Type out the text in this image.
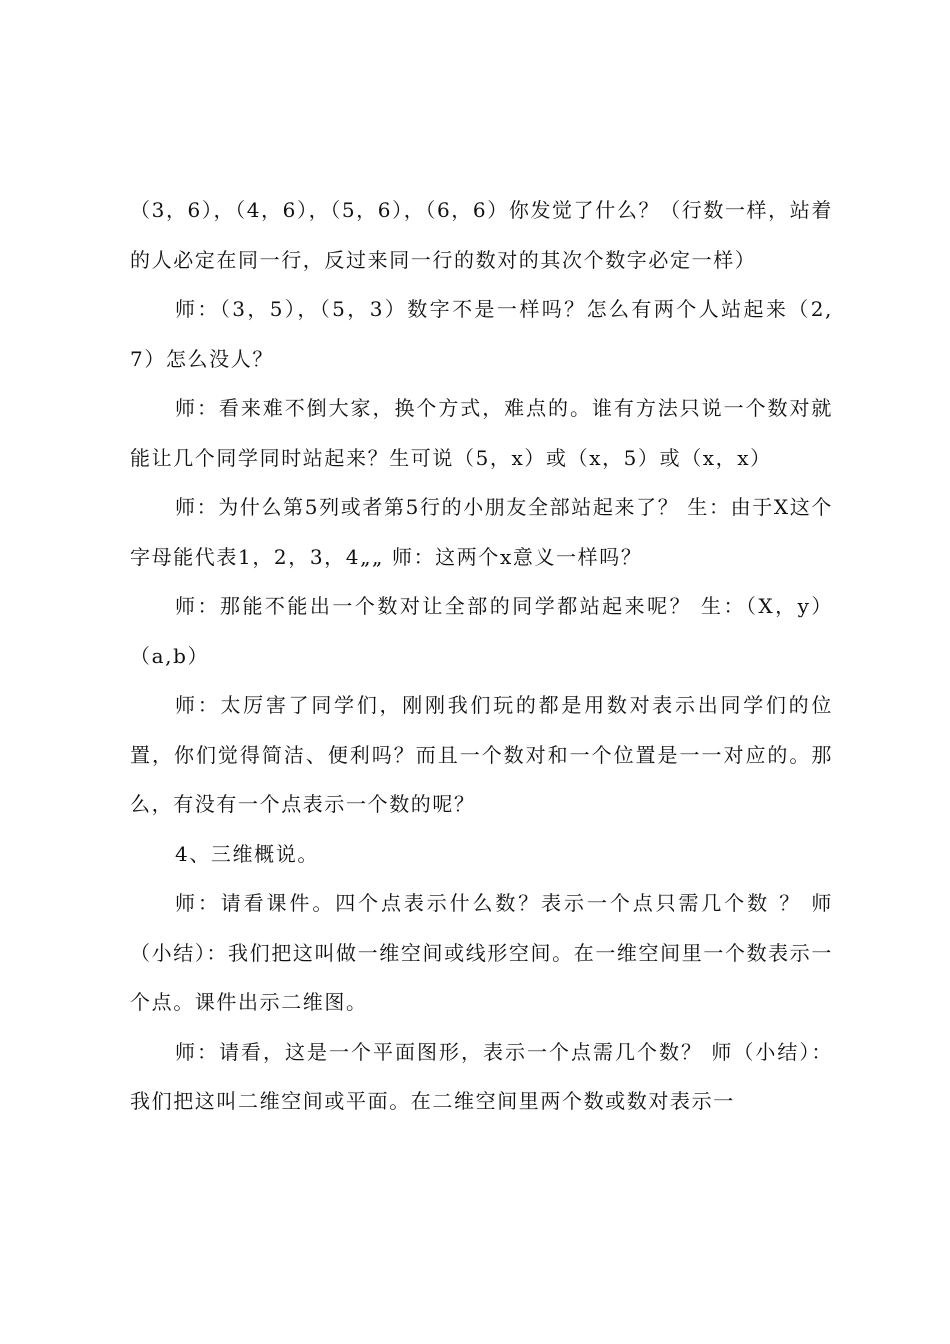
（3，6），（4，6），（5，6），（6，6）你发觉了什么？（行数一样，站着的人必定在同一行，反过来同一行的数对的其次个数字必定一样）

师：（3，5），（5，3）数字不是一样吗？怎么有两个人站起来（2,7）怎么没人？

师：看来难不倒大家，换个方式，难点的。谁有方法只说一个数对就能让几个同学同时站起来？生可说（5，x）或（x，5）或（x，x）

师：为什么第5列或者第5行的小朋友全部站起来了？ 生：由于X这个字母能代表1，2，3，4„„ 师：这两个x意义一样吗？

师：那能不能出一个数对让全部的同学都站起来呢？ 生：（X，y）（a,b）

师：太厉害了同学们，刚刚我们玩的都是用数对表示出同学们的位置，你们觉得简洁、便利吗？而且一个数对和一个位置是一一对应的。那么，有没有一个点表示一个数的呢？

4、三维概说。

师：请看课件。四个点表示什么数？表示一个点只需几个数 ？ 师（小结）：我们把这叫做一维空间或线形空间。在一维空间里一个数表示一个点。课件出示二维图。

师：请看，这是一个平面图形，表示一个点需几个数？ 师（小结）：我们把这叫二维空间或平面。在二维空间里两个数或数对表示一
